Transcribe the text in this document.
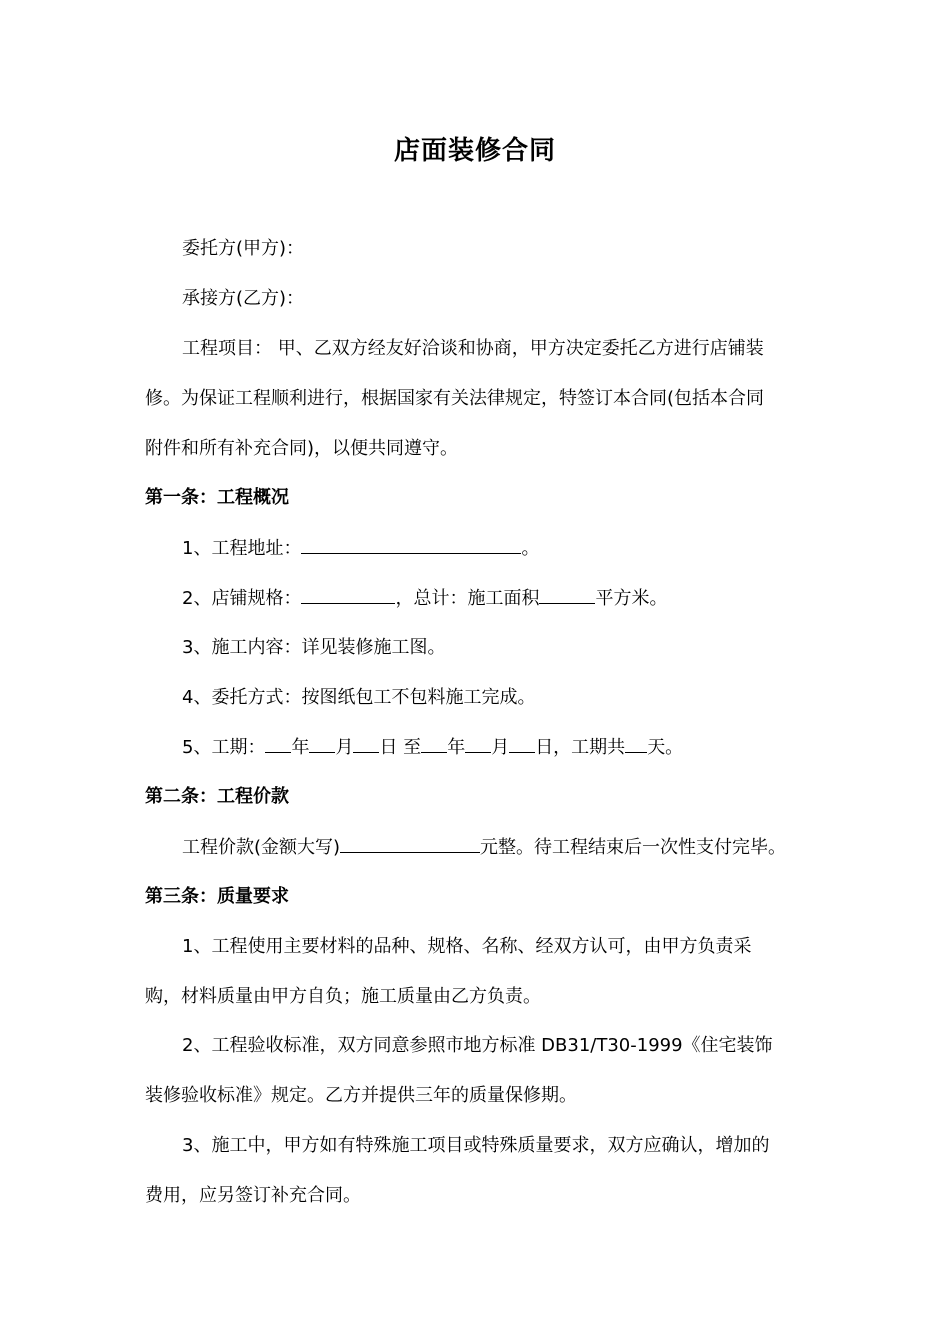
店面装修合同
委托方(甲方)：
承接方(乙方)：
工程项目： 甲、乙双方经友好洽谈和协商，甲方决定委托乙方进行店铺装
修。为保证工程顺利进行，根据国家有关法律规定，特签订本合同(包括本合同
附件和所有补充合同)，以便共同遵守。
第一条：工程概况
1、工程地址：	。
2、店铺规格：	，总计：施工面积	平方米。
3、施工内容：详见装修施工图。
4、委托方式：按图纸包工不包料施工完成。
5、工期： 年 月 日 至 年 月 日，工期共 天。
第二条：工程价款
工程价款(金额大写)	元整。待工程结束后一次性支付完毕。
第三条：质量要求
1、工程使用主要材料的品种、规格、名称、经双方认可，由甲方负责采
购，材料质量由甲方自负；施工质量由乙方负责。
2、工程验收标准，双方同意参照市地方标准 DB31/T30-1999《住宅装饰
装修验收标准》规定。乙方并提供三年的质量保修期。
3、施工中，甲方如有特殊施工项目或特殊质量要求，双方应确认，增加的
费用，应另签订补充合同。
